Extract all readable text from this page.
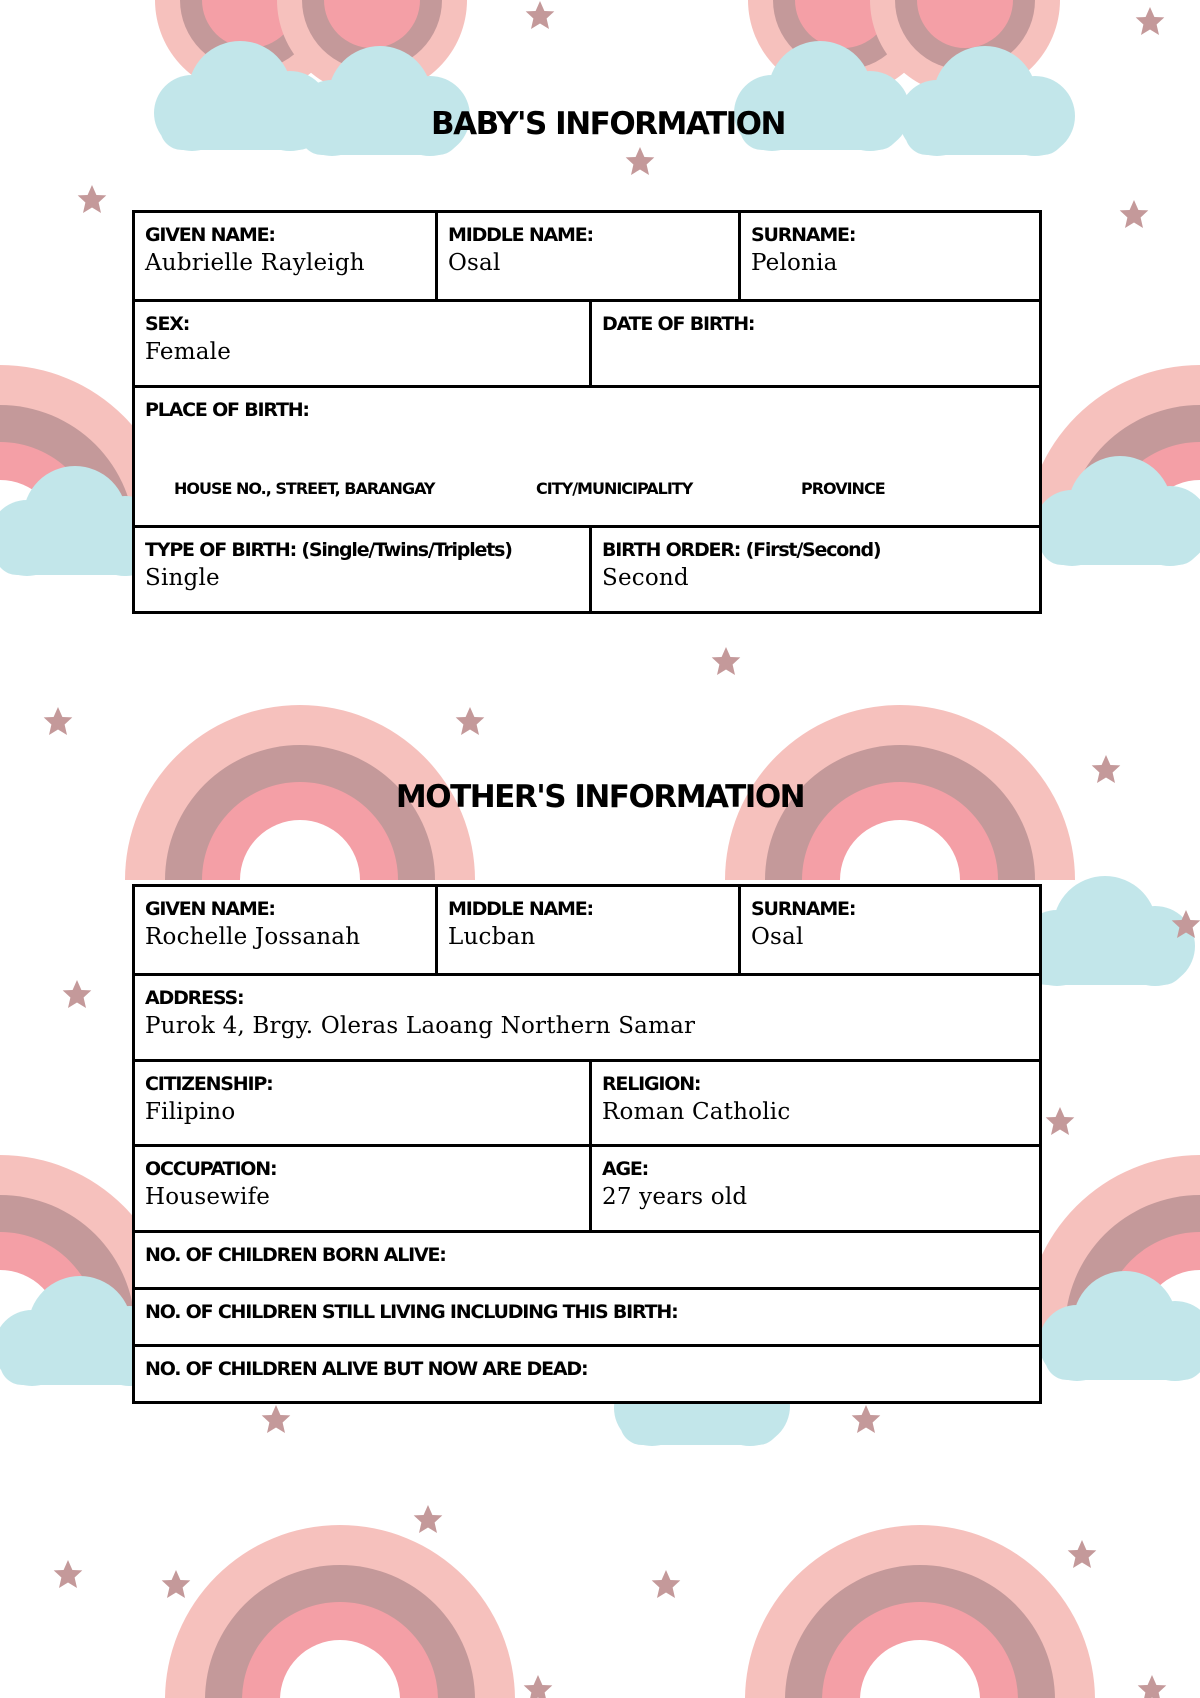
BABY'S INFORMATION
GIVEN NAME:
Aubrielle Rayleigh
MIDDLE NAME:
Osal
SURNAME:
Pelonia
SEX:
Female
DATE OF BIRTH:
PLACE OF BIRTH:
HOUSE NO., STREET, BARANGAY	CITY/MUNICIPALITY	PROVINCE
TYPE OF BIRTH: (Single/Twins/Triplets)
Single
BIRTH ORDER: (First/Second)
Second
MOTHER'S INFORMATION
GIVEN NAME:
Rochelle Jossanah
MIDDLE NAME:
Lucban
SURNAME:
Osal
ADDRESS:
Purok 4, Brgy. Oleras Laoang Northern Samar
CITIZENSHIP:
Filipino
RELIGION:
Roman Catholic
OCCUPATION:
Housewife
AGE:
27 years old
NO. OF CHILDREN BORN ALIVE:
NO. OF CHILDREN STILL LIVING INCLUDING THIS BIRTH:
NO. OF CHILDREN ALIVE BUT NOW ARE DEAD:
